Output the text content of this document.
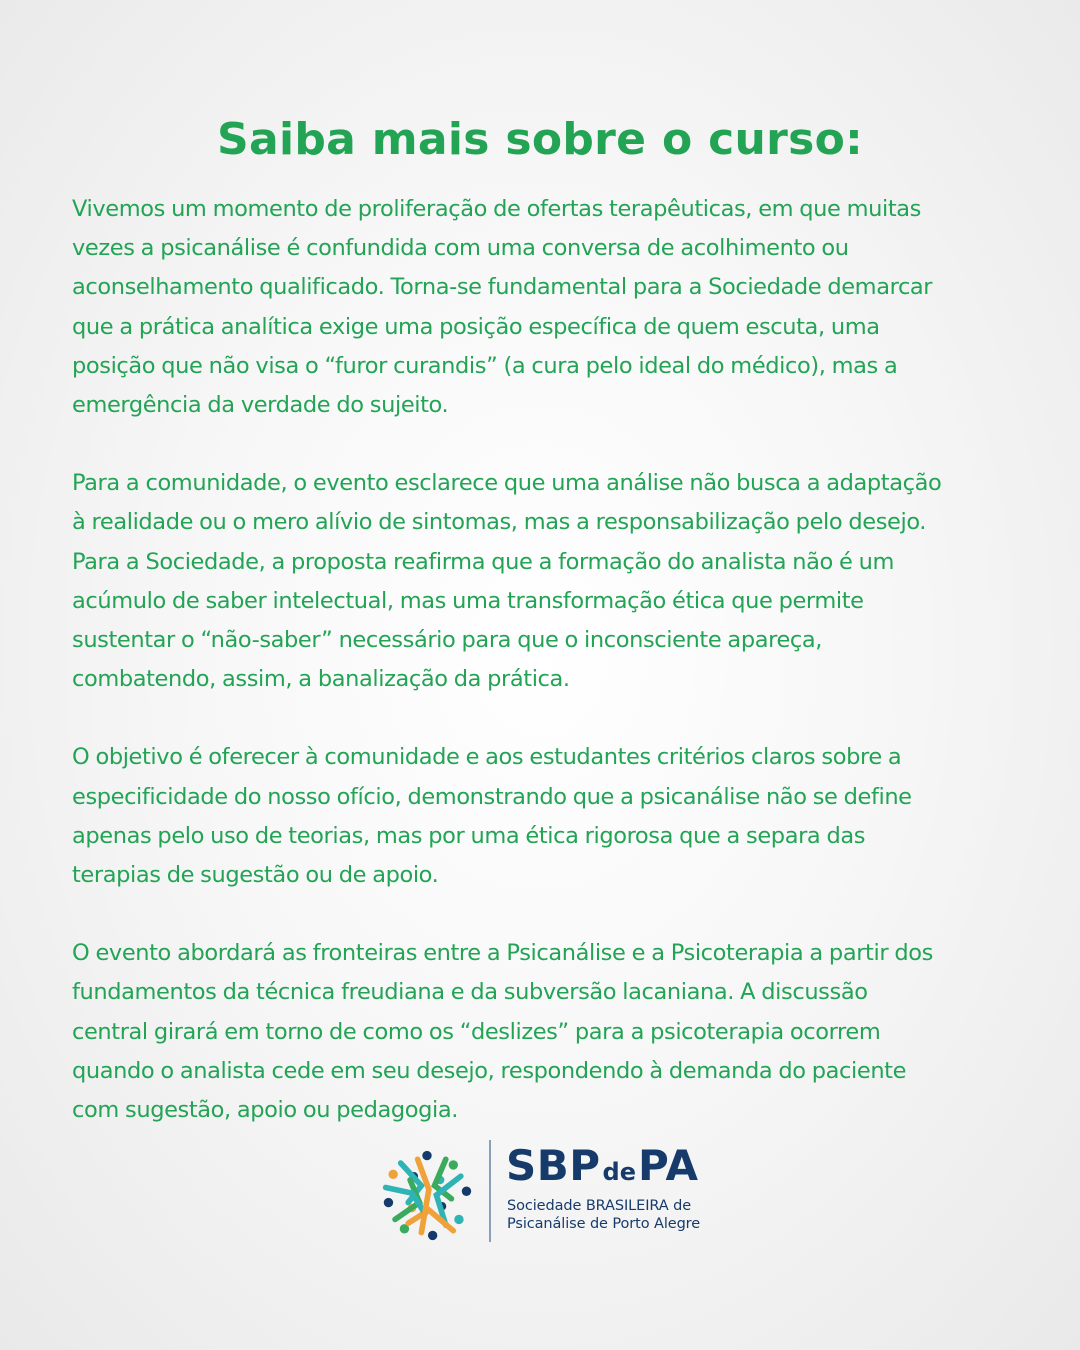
Saiba mais sobre o curso:
Vivemos um momento de proliferação de ofertas terapêuticas, em que muitas
vezes a psicanálise é confundida com uma conversa de acolhimento ou
aconselhamento qualificado. Torna-se fundamental para a Sociedade demarcar
que a prática analítica exige uma posição específica de quem escuta, uma
posição que não visa o “furor curandis” (a cura pelo ideal do médico), mas a
emergência da verdade do sujeito.
Para a comunidade, o evento esclarece que uma análise não busca a adaptação
à realidade ou o mero alívio de sintomas, mas a responsabilização pelo desejo.
Para a Sociedade, a proposta reafirma que a formação do analista não é um
acúmulo de saber intelectual, mas uma transformação ética que permite
sustentar o “não-saber” necessário para que o inconsciente apareça,
combatendo, assim, a banalização da prática.
O objetivo é oferecer à comunidade e aos estudantes critérios claros sobre a
especificidade do nosso ofício, demonstrando que a psicanálise não se define
apenas pelo uso de teorias, mas por uma ética rigorosa que a separa das
terapias de sugestão ou de apoio.
O evento abordará as fronteiras entre a Psicanálise e a Psicoterapia a partir dos
fundamentos da técnica freudiana e da subversão lacaniana. A discussão
central girará em torno de como os “deslizes” para a psicoterapia ocorrem
quando o analista cede em seu desejo, respondendo à demanda do paciente
com sugestão, apoio ou pedagogia.
SBPdePA
Sociedade BRASILEIRA de
Psicanálise de Porto Alegre
